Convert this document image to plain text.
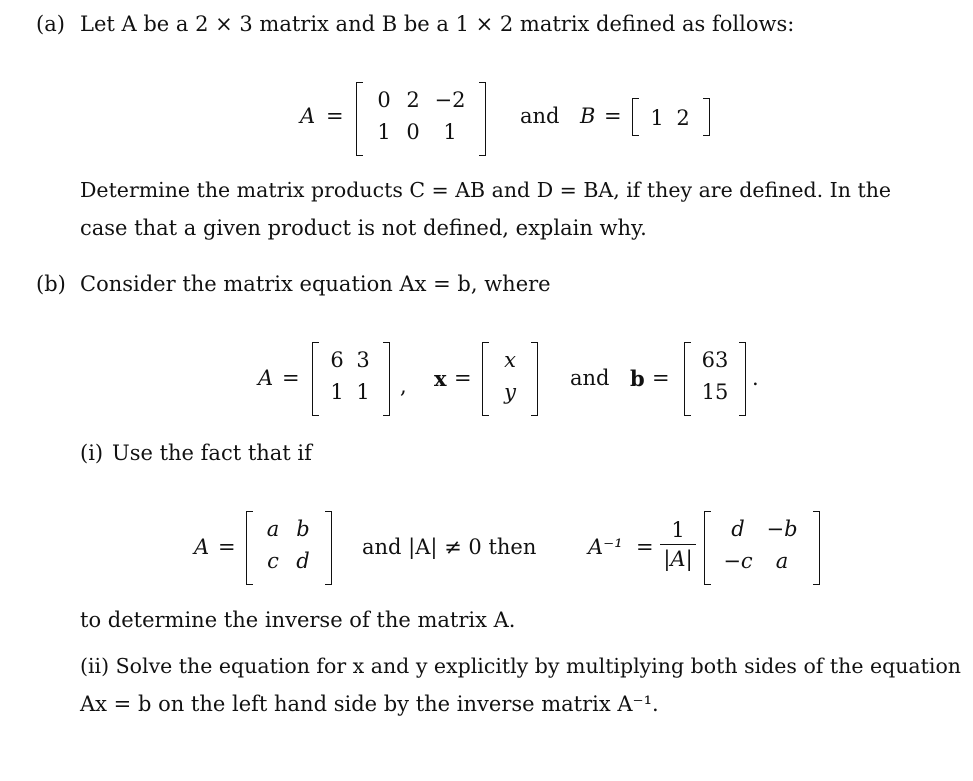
(a) Let A be a 2 × 3 matrix and B be a 1 × 2 matrix defined as follows:
A =
0 2 −2
1 0	1
and B =	1 2
Determine the matrix products C = AB and D = BA, if they are defined. In the
case that a given product is not defined, explain why.
(b) Consider the matrix equation Ax = b, where
A =
6 3
1 1	, x =
x
y
and b =
63
15
.
(i) Use the fact that if
A =
a b
c d
and |A| ≠ 0 then A⁻¹ =
1
|A|
d	−b
−c	a
to determine the inverse of the matrix A.
(ii) Solve the equation for x and y explicitly by multiplying both sides of the equation
Ax = b on the left hand side by the inverse matrix A⁻¹.
